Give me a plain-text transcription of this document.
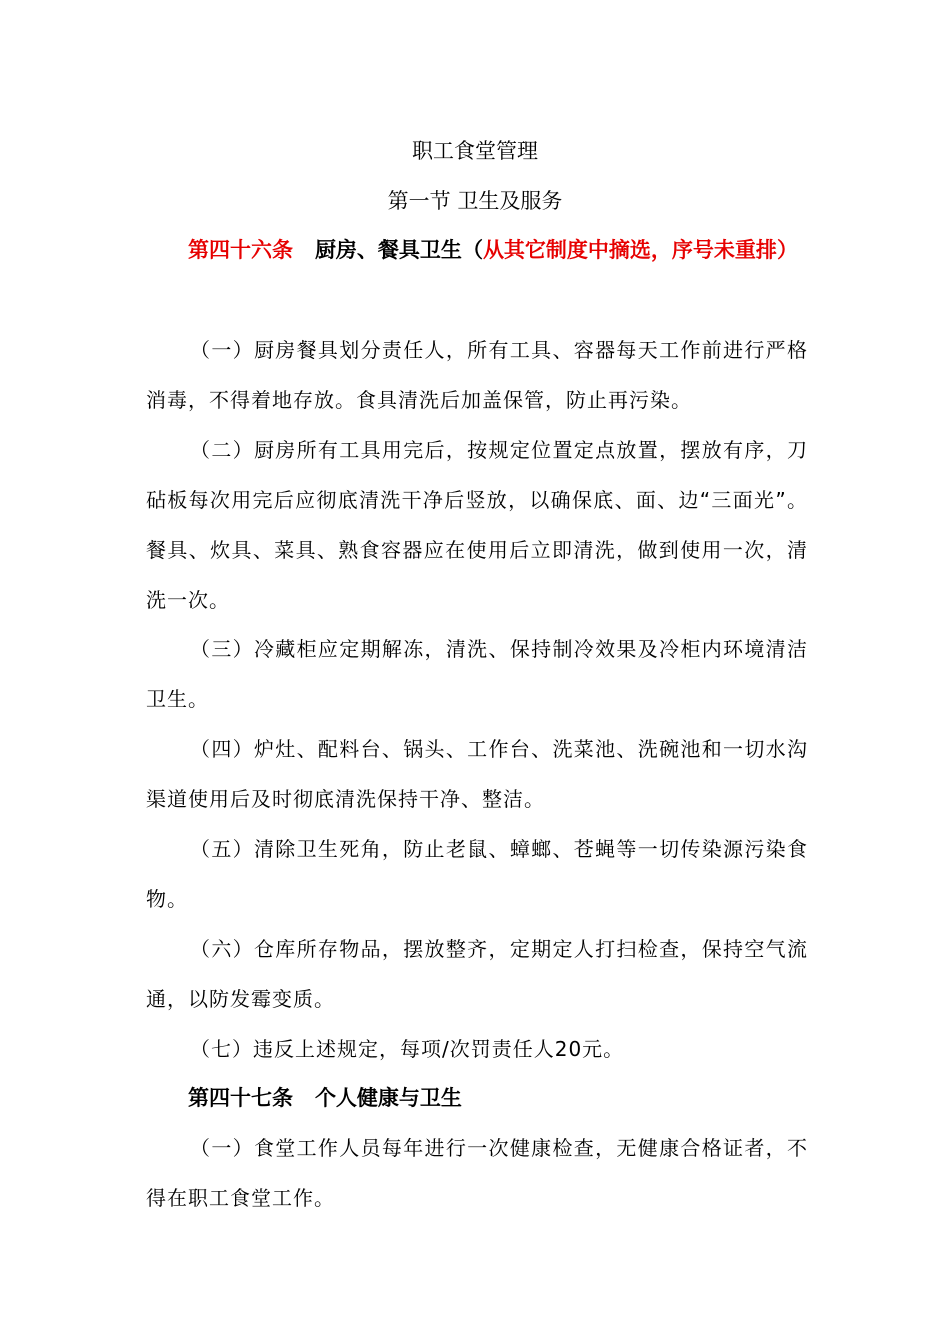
职工食堂管理
第一节 卫生及服务
第四十六条 厨房、餐具卫生（从其它制度中摘选，序号未重排）
（一）厨房餐具划分责任人，所有工具、容器每天工作前进行严格消毒，不得着地存放。食具清洗后加盖保管，防止再污染。
（二）厨房所有工具用完后，按规定位置定点放置，摆放有序，刀砧板每次用完后应彻底清洗干净后竖放，以确保底、面、边“三面光”。餐具、炊具、菜具、熟食容器应在使用后立即清洗，做到使用一次，清洗一次。
（三）冷藏柜应定期解冻，清洗、保持制冷效果及冷柜内环境清洁卫生。
（四）炉灶、配料台、锅头、工作台、洗菜池、洗碗池和一切水沟渠道使用后及时彻底清洗保持干净、整洁。
（五）清除卫生死角，防止老鼠、蟑螂、苍蝇等一切传染源污染食物。
（六）仓库所存物品，摆放整齐，定期定人打扫检查，保持空气流通，以防发霉变质。
（七）违反上述规定，每项/次罚责任人20元。
第四十七条 个人健康与卫生
（一）食堂工作人员每年进行一次健康检查，无健康合格证者，不得在职工食堂工作。
